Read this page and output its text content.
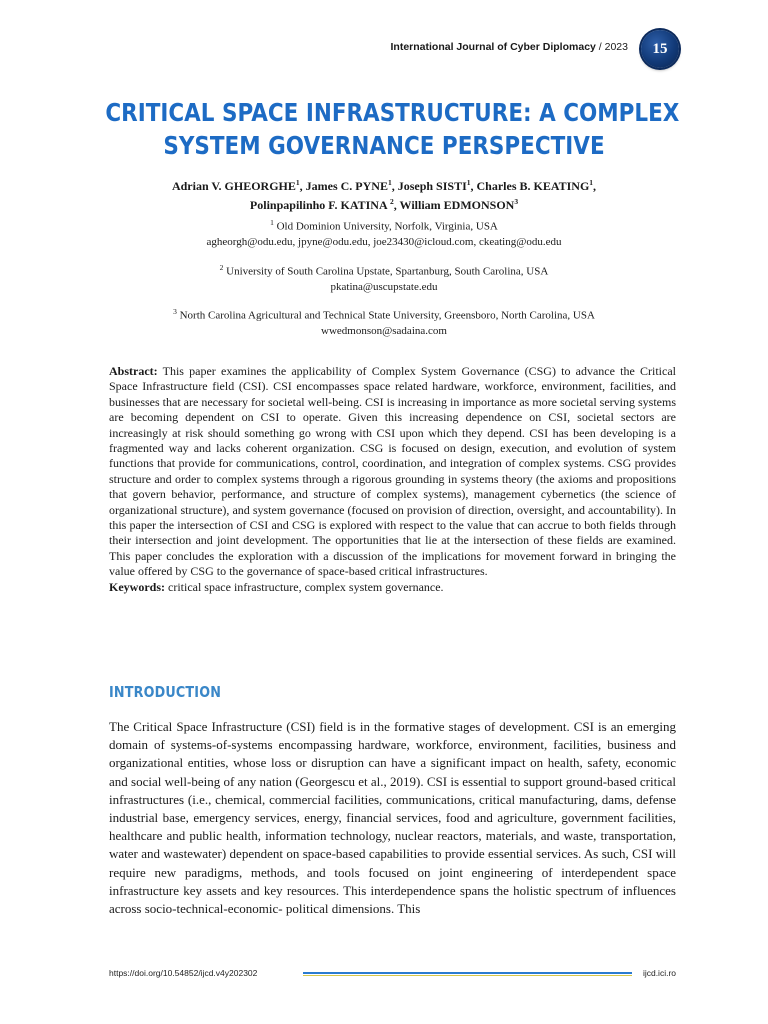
International Journal of Cyber Diplomacy / 2023	15
CRITICAL SPACE INFRASTRUCTURE: A COMPLEX
SYSTEM GOVERNANCE PERSPECTIVE
Adrian V. GHEORGHE$^1$, James C. PYNE$^1$, Joseph SISTI$^1$, Charles B. KEATING$^1$,
Polinpapilinho F. KATINA $^2$, William EDMONSON$^3$
$^1$ Old Dominion University, Norfolk, Virginia, USA
agheorgh@odu.edu, jpyne@odu.edu, joe23430@icloud.com, ckeating@odu.edu
$^2$ University of South Carolina Upstate, Spartanburg, South Carolina, USA
pkatina@uscupstate.edu
$^3$ North Carolina Agricultural and Technical State University, Greensboro, North Carolina, USA
wwedmonson@sadaina.com

Abstract: This paper examines the applicability of Complex System Governance (CSG) to advance the Critical Space Infrastructure field (CSI). CSI encompasses space related hardware, workforce, environment, facilities, and businesses that are necessary for societal well-being. CSI is increasing in importance as more societal serving systems are becoming dependent on CSI to operate. Given this increasing dependence on CSI, societal sectors are increasingly at risk should something go wrong with CSI upon which they depend. CSI has been developing is a fragmented way and lacks coherent organization. CSG is focused on design, execution, and evolution of system functions that provide for communications, control, coordination, and integration of complex systems. CSG provides structure and order to complex systems through a rigorous grounding in systems theory (the axioms and propositions that govern behavior, performance, and structure of complex systems), management cybernetics (the science of organizational structure), and system governance (focused on provision of direction, oversight, and accountability). In this paper the intersection of CSI and CSG is explored with respect to the value that can accrue to both fields through their intersection and joint development. The opportunities that lie at the intersection of these fields are examined. This paper concludes the exploration with a discussion of the implications for movement forward in bringing the value offered by CSG to the governance of space-based critical infrastructures.

Keywords: critical space infrastructure, complex system governance.

INTRODUCTION

The Critical Space Infrastructure (CSI) field is in the formative stages of development. CSI is an emerging domain of systems-of-systems encompassing hardware, workforce, environment, facilities, business and organizational entities, whose loss or disruption can have a significant impact on health, safety, economic and social well-being of any nation (Georgescu et al., 2019). CSI is essential to support ground-based critical infrastructures (i.e., chemical, commercial facilities, communications, critical manufacturing, dams, defense industrial base, emergency services, energy, financial services, food and agriculture, government facilities, healthcare and public health, information technology, nuclear reactors, materials, and waste, transportation, water and wastewater) dependent on space-based capabilities to provide essential services. As such, CSI will require new paradigms, methods, and tools focused on joint engineering of interdependent space infrastructure key assets and key resources. This interdependence spans the holistic spectrum of influences across socio-technical-economic- political dimensions. This

https://doi.org/10.54852/ijcd.v4y202302	ijcd.ici.ro
